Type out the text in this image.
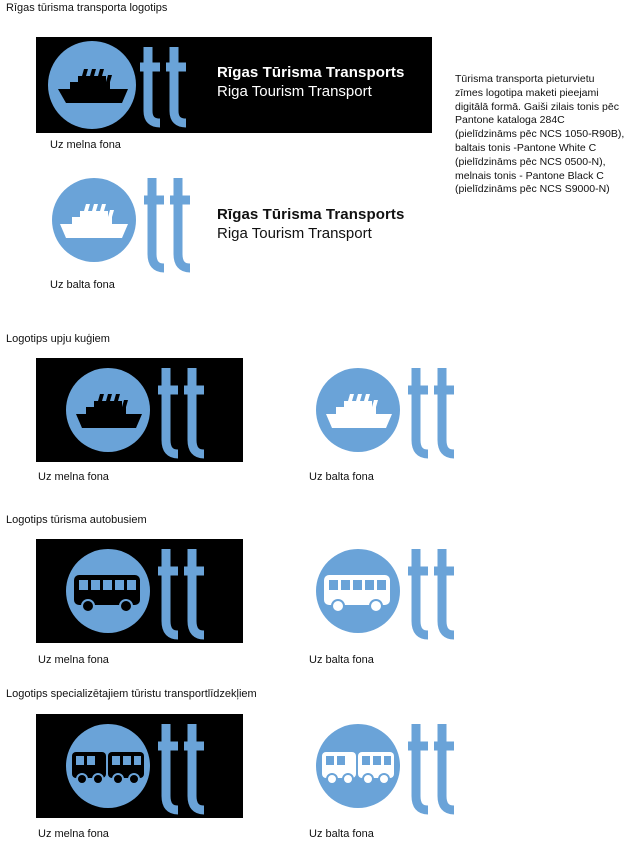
Rīgas tūrisma transporta logotips
Rīgas Tūrisma Transports
Riga Tourism Transport
Uz melna fona
Rīgas Tūrisma Transports
Riga Tourism Transport
Uz balta fona
Tūrisma transporta pieturvietu zīmes logotipa maketi pieejami digitālā formā. Gaiši zilais tonis pēc Pantone kataloga 284C (pielīdzināms pēc NCS 1050-R90B), baltais tonis -Pantone White C (pielīdzināms pēc NCS 0500-N), melnais tonis - Pantone Black C (pielīdzināms pēc NCS S9000-N)
Logotips upju kuģiem
Uz melna fona	Uz balta fona
Logotips tūrisma autobusiem
Uz melna fona	Uz balta fona
Logotips specializētajiem tūristu transportlīdzekļiem
Uz melna fona	Uz balta fona
